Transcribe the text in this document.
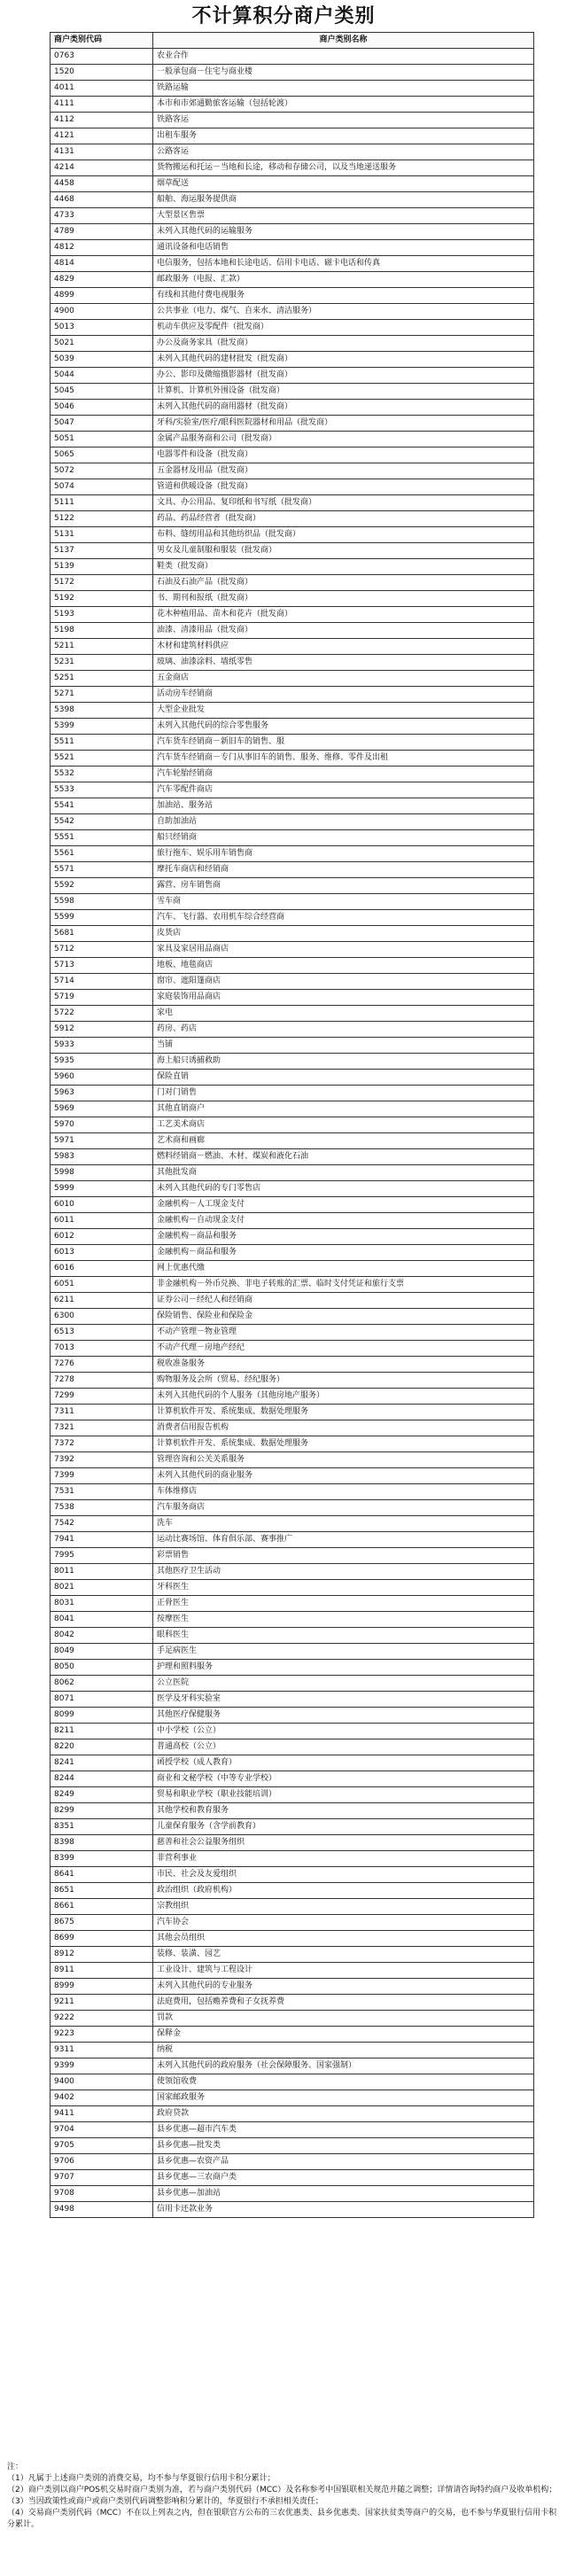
不计算积分商户类别
商户类别代码	商户类别名称
0763	农业合作
1520	一般承包商－住宅与商业楼
4011	铁路运输
4111	本市和市郊通勤旅客运输（包括轮渡）
4112	铁路客运
4121	出租车服务
4131	公路客运
4214	货物搬运和托运－当地和长途，移动和存储公司，以及当地递送服务
4458	烟草配送
4468	船舶、海运服务提供商
4733	大型景区售票
4789	未列入其他代码的运输服务
4812	通讯设备和电话销售
4814	电信服务，包括本地和长途电话、信用卡电话、磁卡电话和传真
4829	邮政服务（电报、汇款）
4899	有线和其他付费电视服务
4900	公共事业（电力、煤气、自来水、清洁服务）
5013	机动车供应及零配件（批发商）
5021	办公及商务家具（批发商）
5039	未列入其他代码的建材批发（批发商）
5044	办公、影印及微缩摄影器材（批发商）
5045	计算机、计算机外围设备（批发商）
5046	未列入其他代码的商用器材（批发商）
5047	牙科/实验室/医疗/眼科医院器材和用品（批发商）
5051	金属产品服务商和公司（批发商）
5065	电器零件和设备（批发商）
5072	五金器材及用品（批发商）
5074	管道和供暖设备（批发商）
5111	文具、办公用品、复印纸和书写纸（批发商）
5122	药品、药品经营者（批发商）
5131	布料、缝纫用品和其他纺织品（批发商）
5137	男女及儿童制服和服装（批发商）
5139	鞋类（批发商）
5172	石油及石油产品（批发商）
5192	书、期刊和报纸（批发商）
5193	花木种植用品、苗木和花卉（批发商）
5198	油漆、清漆用品（批发商）
5211	木材和建筑材料供应
5231	玻璃、油漆涂料、墙纸零售
5251	五金商店
5271	活动房车经销商
5398	大型企业批发
5399	未列入其他代码的综合零售服务
5511	汽车货车经销商－新旧车的销售、服
5521	汽车货车经销商－专门从事旧车的销售、服务、维修、零件及出租
5532	汽车轮胎经销商
5533	汽车零配件商店
5541	加油站、服务站
5542	自助加油站
5551	船只经销商
5561	旅行拖车、娱乐用车销售商
5571	摩托车商店和经销商
5592	露营、房车销售商
5598	雪车商
5599	汽车、飞行器、农用机车综合经营商
5681	皮货店
5712	家具及家居用品商店
5713	地板、地毯商店
5714	窗帘、遮阳篷商店
5719	家庭装饰用品商店
5722	家电
5912	药房、药店
5933	当铺
5935	海上船只诱捕救助
5960	保险直销
5963	门对门销售
5969	其他直销商户
5970	工艺美术商店
5971	艺术商和画廊
5983	燃料经销商－燃油、木材、煤炭和液化石油
5998	其他批发商
5999	未列入其他代码的专门零售店
6010	金融机构－人工现金支付
6011	金融机构－自动现金支付
6012	金融机构－商品和服务
6013	金融机构－商品和服务
6016	网上优惠代缴
6051	非金融机构－外币兑换、非电子转账的汇票、临时支付凭证和旅行支票
6211	证券公司－经纪人和经销商
6300	保险销售、保险业和保险金
6513	不动产管理－物业管理
7013	不动产代理－房地产经纪
7276	税收准备服务
7278	购物服务及会所（贸易、经纪服务）
7299	未列入其他代码的个人服务（其他房地产服务）
7311	计算机软件开发、系统集成、数据处理服务
7321	消费者信用报告机构
7372	计算机软件开发、系统集成、数据处理服务
7392	管理咨询和公关关系服务
7399	未列入其他代码的商业服务
7531	车体维修店
7538	汽车服务商店
7542	洗车
7941	运动比赛场馆、体育俱乐部、赛事推广
7995	彩票销售
8011	其他医疗卫生活动
8021	牙科医生
8031	正骨医生
8041	按摩医生
8042	眼科医生
8049	手足病医生
8050	护理和照料服务
8062	公立医院
8071	医学及牙科实验室
8099	其他医疗保健服务
8211	中小学校（公立）
8220	普通高校（公立）
8241	函授学校（成人教育）
8244	商业和文秘学校（中等专业学校）
8249	贸易和职业学校（职业技能培训）
8299	其他学校和教育服务
8351	儿童保育服务（含学前教育）
8398	慈善和社会公益服务组织
8399	非营利事业
8641	市民、社会及友爱组织
8651	政治组织（政府机构）
8661	宗教组织
8675	汽车协会
8699	其他会员组织
8912	装修、装潢、园艺
8911	工业设计、建筑与工程设计
8999	未列入其他代码的专业服务
9211	法庭费用，包括赡养费和子女抚养费
9222	罚款
9223	保释金
9311	纳税
9399	未列入其他代码的政府服务（社会保障服务、国家强制）
9400	使领馆收费
9402	国家邮政服务
9411	政府贷款
9704	县乡优惠—超市汽车类
9705	县乡优惠—批发类
9706	县乡优惠—农资产品
9707	县乡优惠—三农商户类
9708	县乡优惠—加油站
9498	信用卡还款业务
注：
（1）凡属于上述商户类别的消费交易，均不参与华夏银行信用卡积分累计；
（2）商户类别以商户POS机交易时商户类别为准，若与商户类别代码（MCC）及名称参考中国银联相关规范并随之调整；详情请咨询特约商户及收单机构；
（3）当因政策性或商户或商户类别代码调整影响积分累计的，华夏银行不承担相关责任；
（4）交易商户类别代码（MCC）不在以上列表之内，但在银联官方公布的三农优惠类、县乡优惠类、国家扶贫类等商户的交易，也不参与华夏银行信用卡积分累计。
